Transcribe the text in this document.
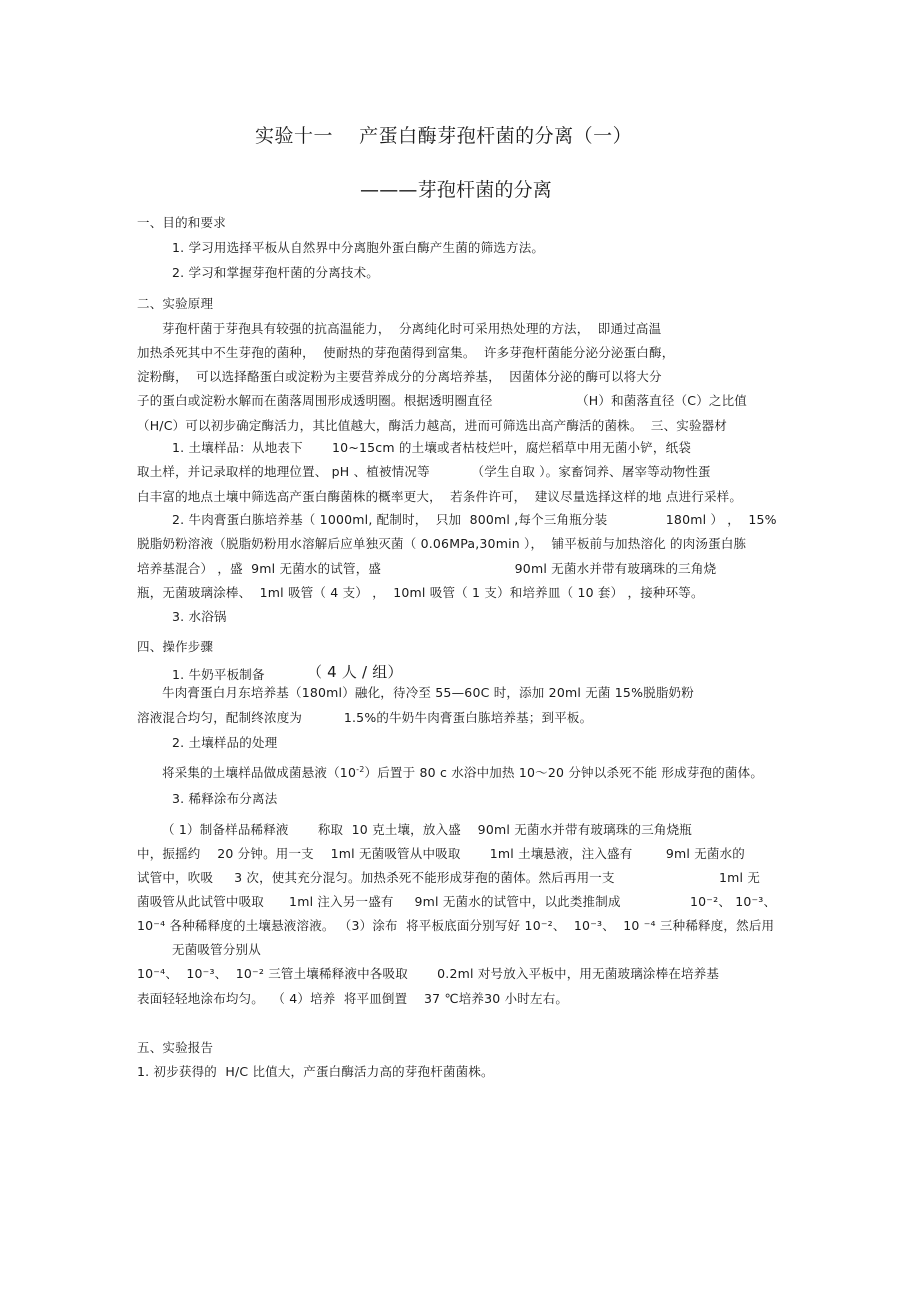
实验十一    产蛋白酶芽孢杆菌的分离（一）
———芽孢杆菌的分离
一、目的和要求
1. 学习用选择平板从自然界中分离胞外蛋白酶产生菌的筛选方法。
2. 学习和掌握芽孢杆菌的分离技术。
二、实验原理
芽孢杆菌于芽孢具有较强的抗高温能力，  分离纯化时可采用热处理的方法，  即通过高温
加热杀死其中不生芽孢的菌种，  使耐热的芽孢菌得到富集。  许多芽孢杆菌能分泌分泌蛋白酶，
淀粉酶，  可以选择酪蛋白或淀粉为主要营养成分的分离培养基，  因菌体分泌的酶可以将大分
子的蛋白或淀粉水解而在菌落周围形成透明圈。根据透明圈直径                    （H）和菌落直径（C）之比值
（H/C）可以初步确定酶活力，其比值越大，酶活力越高，进而可筛选出高产酶活的菌株。  三、实验器材
1. 土壤样品：从地表下       10~15cm 的土壤或者枯枝烂叶，腐烂稻草中用无菌小铲，纸袋
取土样，并记录取样的地理位置、 pH 、植被情况等          （学生自取 ）。家畜饲养、屠宰等动物性蛋
白丰富的地点土壤中筛选高产蛋白酶菌株的概率更大，  若条件许可，  建议尽量选择这样的地 点进行采样。
2. 牛肉膏蛋白胨培养基（ 1000ml, 配制时，  只加  800ml ,每个三角瓶分装              180ml ） ，  15%
脱脂奶粉溶液（脱脂奶粉用水溶解后应单独灭菌（ 0.06MPa,30min ），  铺平板前与加热溶化 的肉汤蛋白胨
培养基混合） ，盛  9ml 无菌水的试管，盛                                90ml 无菌水并带有玻璃珠的三角烧
瓶，无菌玻璃涂棒、  1ml 吸管（ 4 支） ，  10ml 吸管（ 1 支）和培养皿（ 10 套） ，接种环等。
3. 水浴锅
四、操作步骤
1. 牛奶平板制备	（ 4 人 / 组）
牛肉膏蛋白月东培养基（180ml）融化，待冷至 55—60C 时，添加 20ml 无菌 15%脱脂奶粉
溶液混合均匀，配制终浓度为          1.5%的牛奶牛肉膏蛋白胨培养基；到平板。
2. 土壤样品的处理
将采集的土壤样品做成菌悬液$(10^{-2})$后置于 80 c 水浴中加热 10～20 分钟以杀死不能 形成芽孢的菌体。
3. 稀释涂布分离法
（ 1）制备样品稀释液       称取  10 克土壤，放入盛    90ml 无菌水并带有玻璃珠的三角烧瓶
中，振摇约    20 分钟。用一支    1ml 无菌吸管从中吸取       1ml 土壤悬液，注入盛有        9ml 无菌水的
试管中，吹吸     3 次，使其充分混匀。加热杀死不能形成芽孢的菌体。然后再用一支                         1ml 无
菌吸管从此试管中吸取      1ml 注入另一盛有     9ml 无菌水的试管中，以此类推制成	10⁻²、 10⁻³、
10⁻⁴ 各种稀释度的土壤悬液溶液。 （3）涂布  将平板底面分别写好 10⁻²、  10⁻³、  10 ⁻⁴ 三种稀释度，然后用
无菌吸管分别从
10⁻⁴、  10⁻³、  10⁻² 三管土壤稀释液中各吸取       0.2ml 对号放入平板中，用无菌玻璃涂棒在培养基
表面轻轻地涂布均匀。  （ 4）培养  将平皿倒置    37 ℃培养30 小时左右。
五、实验报告
1. 初步获得的  H/C 比值大，产蛋白酶活力高的芽孢杆菌菌株。
